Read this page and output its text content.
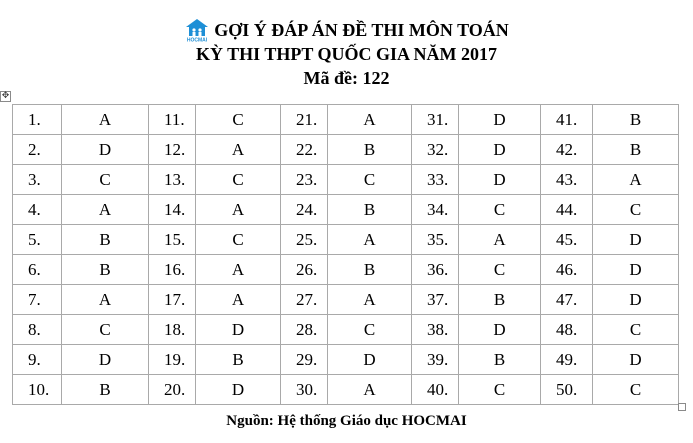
HOCMAI
GỢI Ý ĐÁP ÁN ĐỀ THI MÔN TOÁN
KỲ THI THPT QUỐC GIA NĂM 2017
Mã đề: 122
✥
1.	A	11.	C	21.	A	31.	D	41.	B
2.	D	12.	A	22.	B	32.	D	42.	B
3.	C	13.	C	23.	C	33.	D	43.	A
4.	A	14.	A	24.	B	34.	C	44.	C
5.	B	15.	C	25.	A	35.	A	45.	D
6.	B	16.	A	26.	B	36.	C	46.	D
7.	A	17.	A	27.	A	37.	B	47.	D
8.	C	18.	D	28.	C	38.	D	48.	C
9.	D	19.	B	29.	D	39.	B	49.	D
10.	B	20.	D	30.	A	40.	C	50.	C
Nguồn: Hệ thống Giáo dục HOCMAI
